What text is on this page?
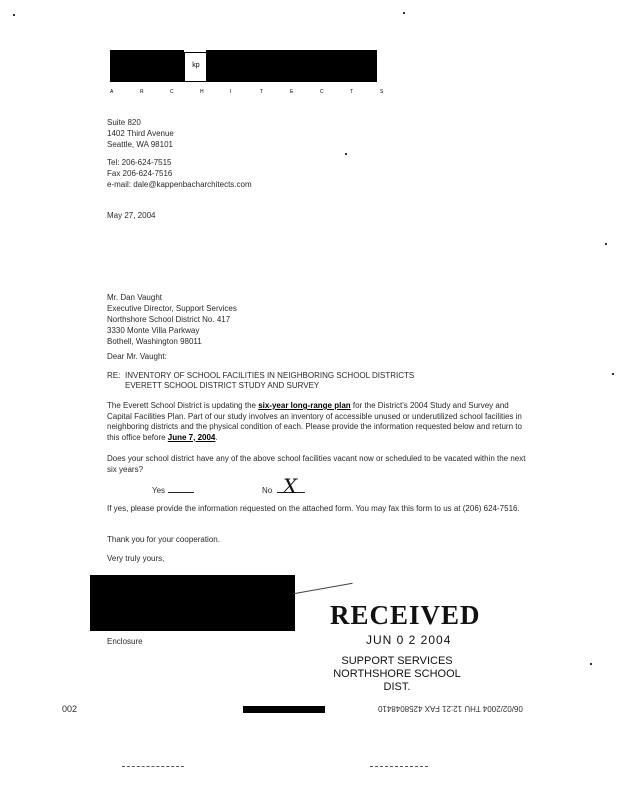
kp
A	R	C	H	I	T	E	C	T	S
Suite 820
1402 Third Avenue
Seattle, WA 98101
Tel: 206-624-7515
Fax 206-624-7516
e-mail: dale@kappenbacharchitects.com
May 27, 2004
Mr. Dan Vaught
Executive Director, Support Services
Northshore School District No. 417
3330 Monte Villa Parkway
Bothell, Washington 98011
Dear Mr. Vaught:
RE: INVENTORY OF SCHOOL FACILITIES IN NEIGHBORING SCHOOL DISTRICTS
EVERETT SCHOOL DISTRICT STUDY AND SURVEY
The Everett School District is updating the six-year long-range plan for the District's 2004 Study and Survey and Capital Facilities Plan. Part of our study involves an inventory of accessible unused or underutilized school facilities in neighboring districts and the physical condition of each. Please provide the information requested below and return to this office before June 7, 2004.
Does your school district have any of the above school facilities vacant now or scheduled to be vacated within the next six years?
Yes	No X
If yes, please provide the information requested on the attached form. You may fax this form to us at (206) 624-7516.
Thank you for your cooperation.
Very truly yours,
Enclosure
RECEIVED
JUN 0 2 2004
SUPPORT SERVICES
NORTHSHORE SCHOOL DIST.
002	06/02/2004 THU 12:21 FAX 4258048410
